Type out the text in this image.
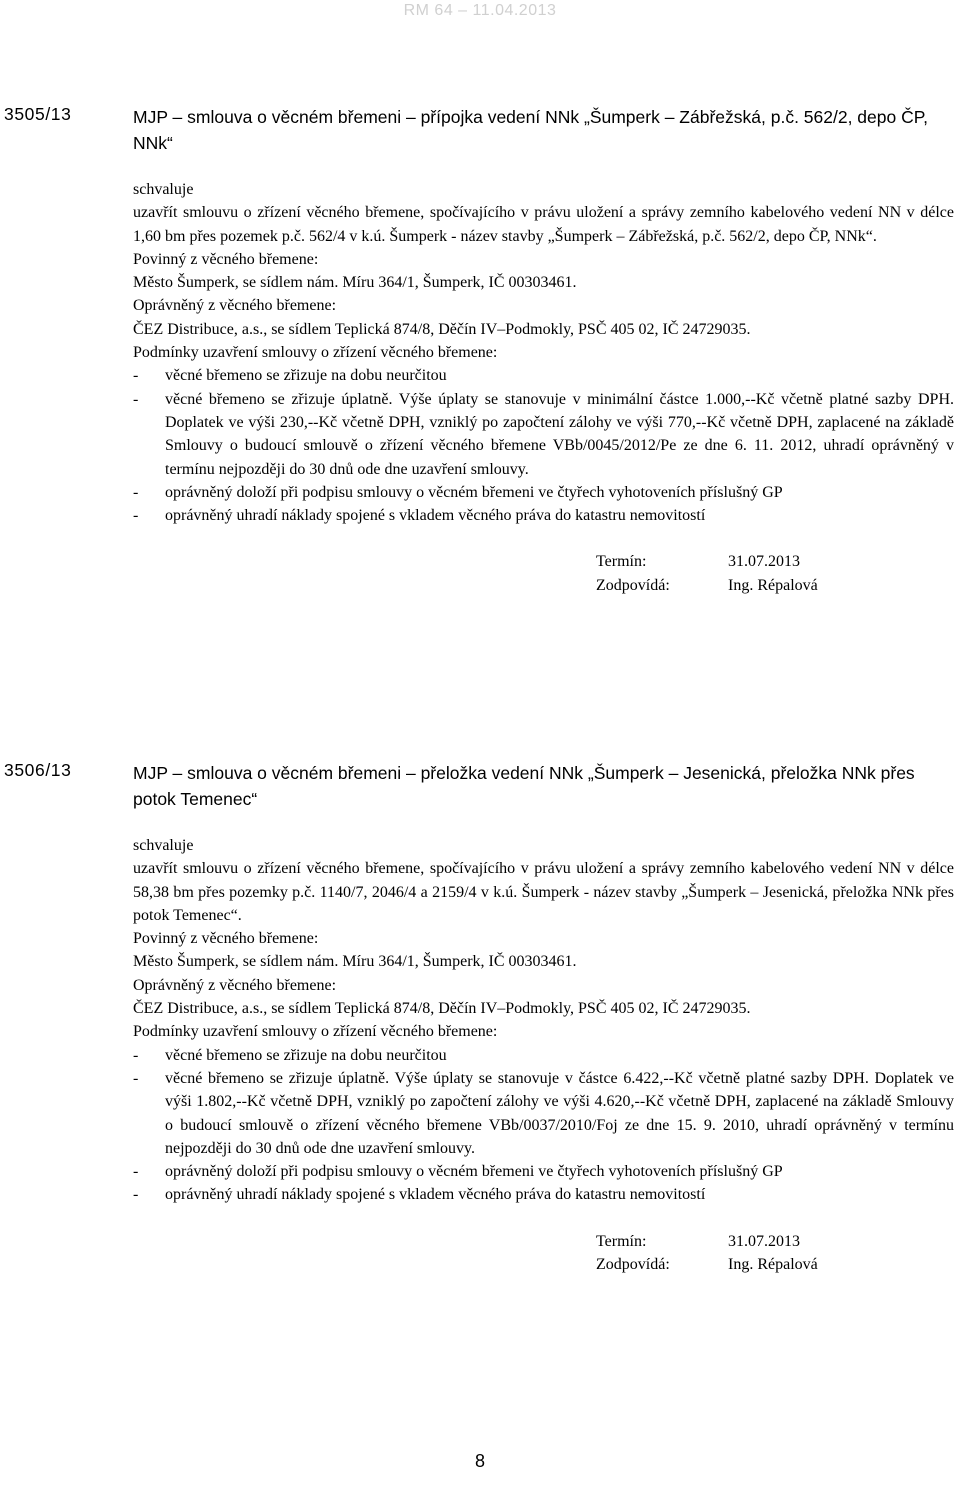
RM 64 – 11.04.2013
3505/13	MJP – smlouva o věcném břemeni – přípojka vedení NNk „Šumperk – Zábřežská, p.č. 562/2, depo ČP, NNk“

schvaluje

uzavřít smlouvu o zřízení věcného břemene, spočívajícího v právu uložení a správy zemního kabelového vedení NN v délce 1,60 bm přes pozemek p.č. 562/4 v k.ú. Šumperk - název stavby „Šumperk – Zábřežská, p.č. 562/2, depo ČP, NNk“.

Povinný z věcného břemene:

Město Šumperk, se sídlem nám. Míru 364/1, Šumperk, IČ 00303461.

Oprávněný z věcného břemene:

ČEZ Distribuce, a.s., se sídlem Teplická 874/8, Děčín IV–Podmokly, PSČ 405 02, IČ 24729035.

Podmínky uzavření smlouvy o zřízení věcného břemene:

- věcné břemeno se zřizuje na dobu neurčitou
- věcné břemeno se zřizuje úplatně. Výše úplaty se stanovuje v minimální částce 1.000,--Kč včetně platné sazby DPH. Doplatek ve výši 230,--Kč včetně DPH, vzniklý po započtení zálohy ve výši 770,--Kč včetně DPH, zaplacené na základě Smlouvy o budoucí smlouvě o zřízení věcného břemene VBb/0045/2012/Pe ze dne 6. 11. 2012, uhradí oprávněný v termínu nejpozději do 30 dnů ode dne uzavření smlouvy.
- oprávněný doloží při podpisu smlouvy o věcném břemeni ve čtyřech vyhotoveních příslušný GP
- oprávněný uhradí náklady spojené s vkladem věcného práva do katastru nemovitostí
Termín:	31.07.2013
Zodpovídá:	Ing. Répalová
3506/13	MJP – smlouva o věcném břemeni – přeložka vedení NNk „Šumperk – Jesenická, přeložka NNk přes potok Temenec“

schvaluje

uzavřít smlouvu o zřízení věcného břemene, spočívajícího v právu uložení a správy zemního kabelového vedení NN v délce 58,38 bm přes pozemky p.č. 1140/7, 2046/4 a 2159/4 v k.ú. Šumperk - název stavby „Šumperk – Jesenická, přeložka NNk přes potok Temenec“.

Povinný z věcného břemene:

Město Šumperk, se sídlem nám. Míru 364/1, Šumperk, IČ 00303461.

Oprávněný z věcného břemene:

ČEZ Distribuce, a.s., se sídlem Teplická 874/8, Děčín IV–Podmokly, PSČ 405 02, IČ 24729035.

Podmínky uzavření smlouvy o zřízení věcného břemene:

- věcné břemeno se zřizuje na dobu neurčitou
- věcné břemeno se zřizuje úplatně. Výše úplaty se stanovuje v částce 6.422,--Kč včetně platné sazby DPH. Doplatek ve výši 1.802,--Kč včetně DPH, vzniklý po započtení zálohy ve výši 4.620,--Kč včetně DPH, zaplacené na základě Smlouvy o budoucí smlouvě o zřízení věcného břemene VBb/0037/2010/Foj ze dne 15. 9. 2010, uhradí oprávněný v termínu nejpozději do 30 dnů ode dne uzavření smlouvy.
- oprávněný doloží při podpisu smlouvy o věcném břemeni ve čtyřech vyhotoveních příslušný GP
- oprávněný uhradí náklady spojené s vkladem věcného práva do katastru nemovitostí
Termín:	31.07.2013
Zodpovídá:	Ing. Répalová
8
